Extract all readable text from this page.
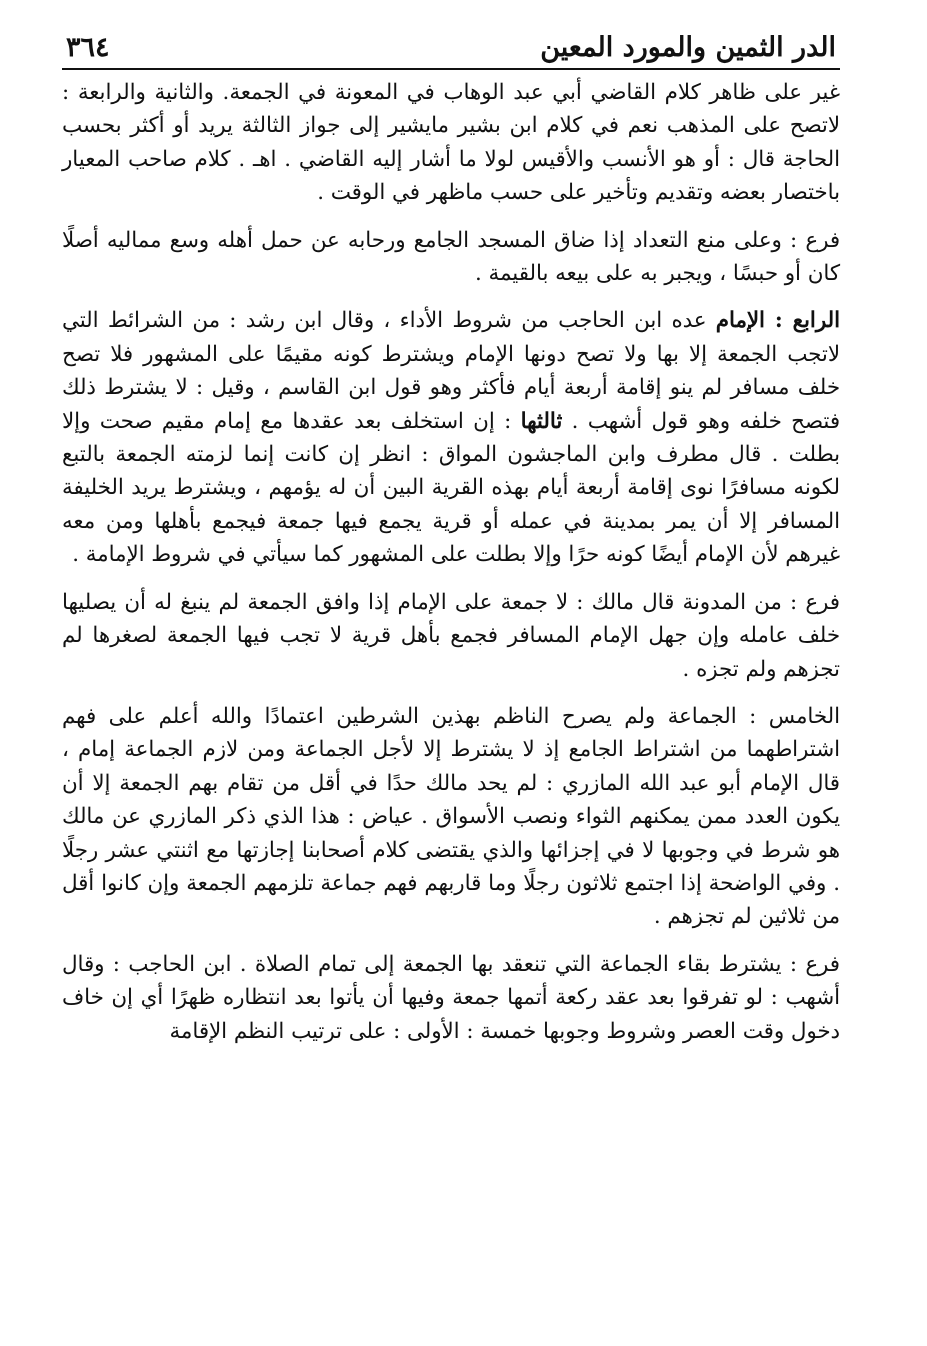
الدر الثمين والمورد المعين
٣٦٤

غير على ظاهر كلام القاضي أبي عبد الوهاب في المعونة في الجمعة. والثانية والرابعة : لاتصح على المذهب نعم في كلام ابن بشير مايشير إلى جواز الثالثة يريد أو أكثر بحسب الحاجة قال : أو هو الأنسب والأقيس لولا ما أشار إليه القاضي . اهـ . كلام صاحب المعيار باختصار بعضه وتقديم وتأخير على حسب ماظهر في الوقت .

فرع : وعلى منع التعداد إذا ضاق المسجد الجامع ورحابه عن حمل أهله وسع مماليه أصلًا كان أو حبسًا ، ويجبر به على بيعه بالقيمة .

الرابع : الإمام عده ابن الحاجب من شروط الأداء ، وقال ابن رشد : من الشرائط التي لاتجب الجمعة إلا بها ولا تصح دونها الإمام ويشترط كونه مقيمًا على المشهور فلا تصح خلف مسافر لم ينو إقامة أربعة أيام فأكثر وهو قول ابن القاسم ، وقيل : لا يشترط ذلك فتصح خلفه وهو قول أشهب . ثالثها : إن استخلف بعد عقدها مع إمام مقيم صحت وإلا بطلت . قال مطرف وابن الماجشون المواق : انظر إن كانت إنما لزمته الجمعة بالتبع لكونه مسافرًا نوى إقامة أربعة أيام بهذه القرية البين أن له يؤمهم ، ويشترط يريد الخليفة المسافر إلا أن يمر بمدينة في عمله أو قرية يجمع فيها جمعة فيجمع بأهلها ومن معه غيرهم لأن الإمام أيضًا كونه حرًا وإلا بطلت على المشهور كما سيأتي في شروط الإمامة .

فرع : من المدونة قال مالك : لا جمعة على الإمام إذا وافق الجمعة لم ينبغ له أن يصليها خلف عامله وإن جهل الإمام المسافر فجمع بأهل قرية لا تجب فيها الجمعة لصغرها لم تجزهم ولم تجزه .

الخامس : الجماعة ولم يصرح الناظم بهذين الشرطين اعتمادًا والله أعلم على فهم اشتراطهما من اشتراط الجامع إذ لا يشترط إلا لأجل الجماعة ومن لازم الجماعة إمام ، قال الإمام أبو عبد الله المازري : لم يحد مالك حدًا في أقل من تقام بهم الجمعة إلا أن يكون العدد ممن يمكنهم الثواء ونصب الأسواق . عياض : هذا الذي ذكر المازري عن مالك هو شرط في وجوبها لا في إجزائها والذي يقتضى كلام أصحابنا إجازتها مع اثنتي عشر رجلًا . وفي الواضحة إذا اجتمع ثلاثون رجلًا وما قاربهم فهم جماعة تلزمهم الجمعة وإن كانوا أقل من ثلاثين لم تجزهم .

فرع : يشترط بقاء الجماعة التي تنعقد بها الجمعة إلى تمام الصلاة . ابن الحاجب : وقال أشهب : لو تفرقوا بعد عقد ركعة أتمها جمعة وفيها أن يأتوا بعد انتظاره ظهرًا أي إن خاف دخول وقت العصر وشروط وجوبها خمسة : الأولى : على ترتيب النظم الإقامة
